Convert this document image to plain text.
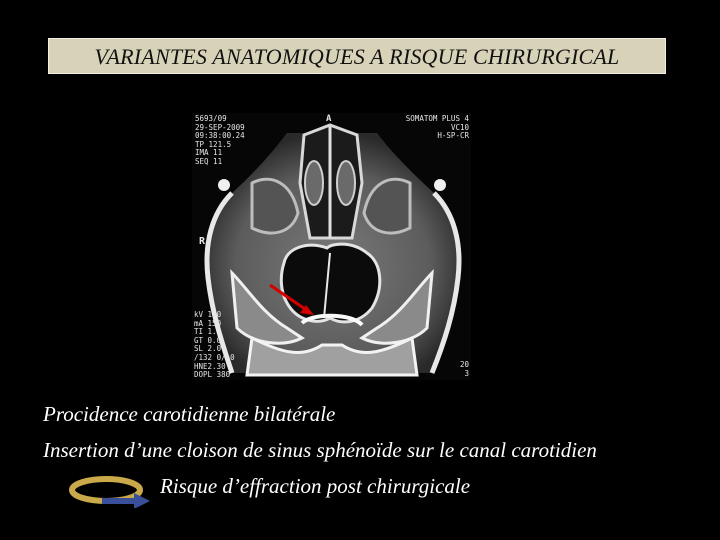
VARIANTES ANATOMIQUES A RISQUE CHIRURGICAL
5693/09
29-SEP-2009
09:38:00.24
TP 121.5
IMA 11
SEQ 11
SOMATOM PLUS 4
VC10
H-SP-CR
R
A
kV 140
mA 150
TI 1.5
GT 0.0
SL 2.0
/132 0/-0
HNE2.30
DOPL 380
20
3
Procidence carotidienne bilatérale
Insertion d’une cloison de sinus sphénoïde sur le canal carotidien
Risque d’effraction post chirurgicale
